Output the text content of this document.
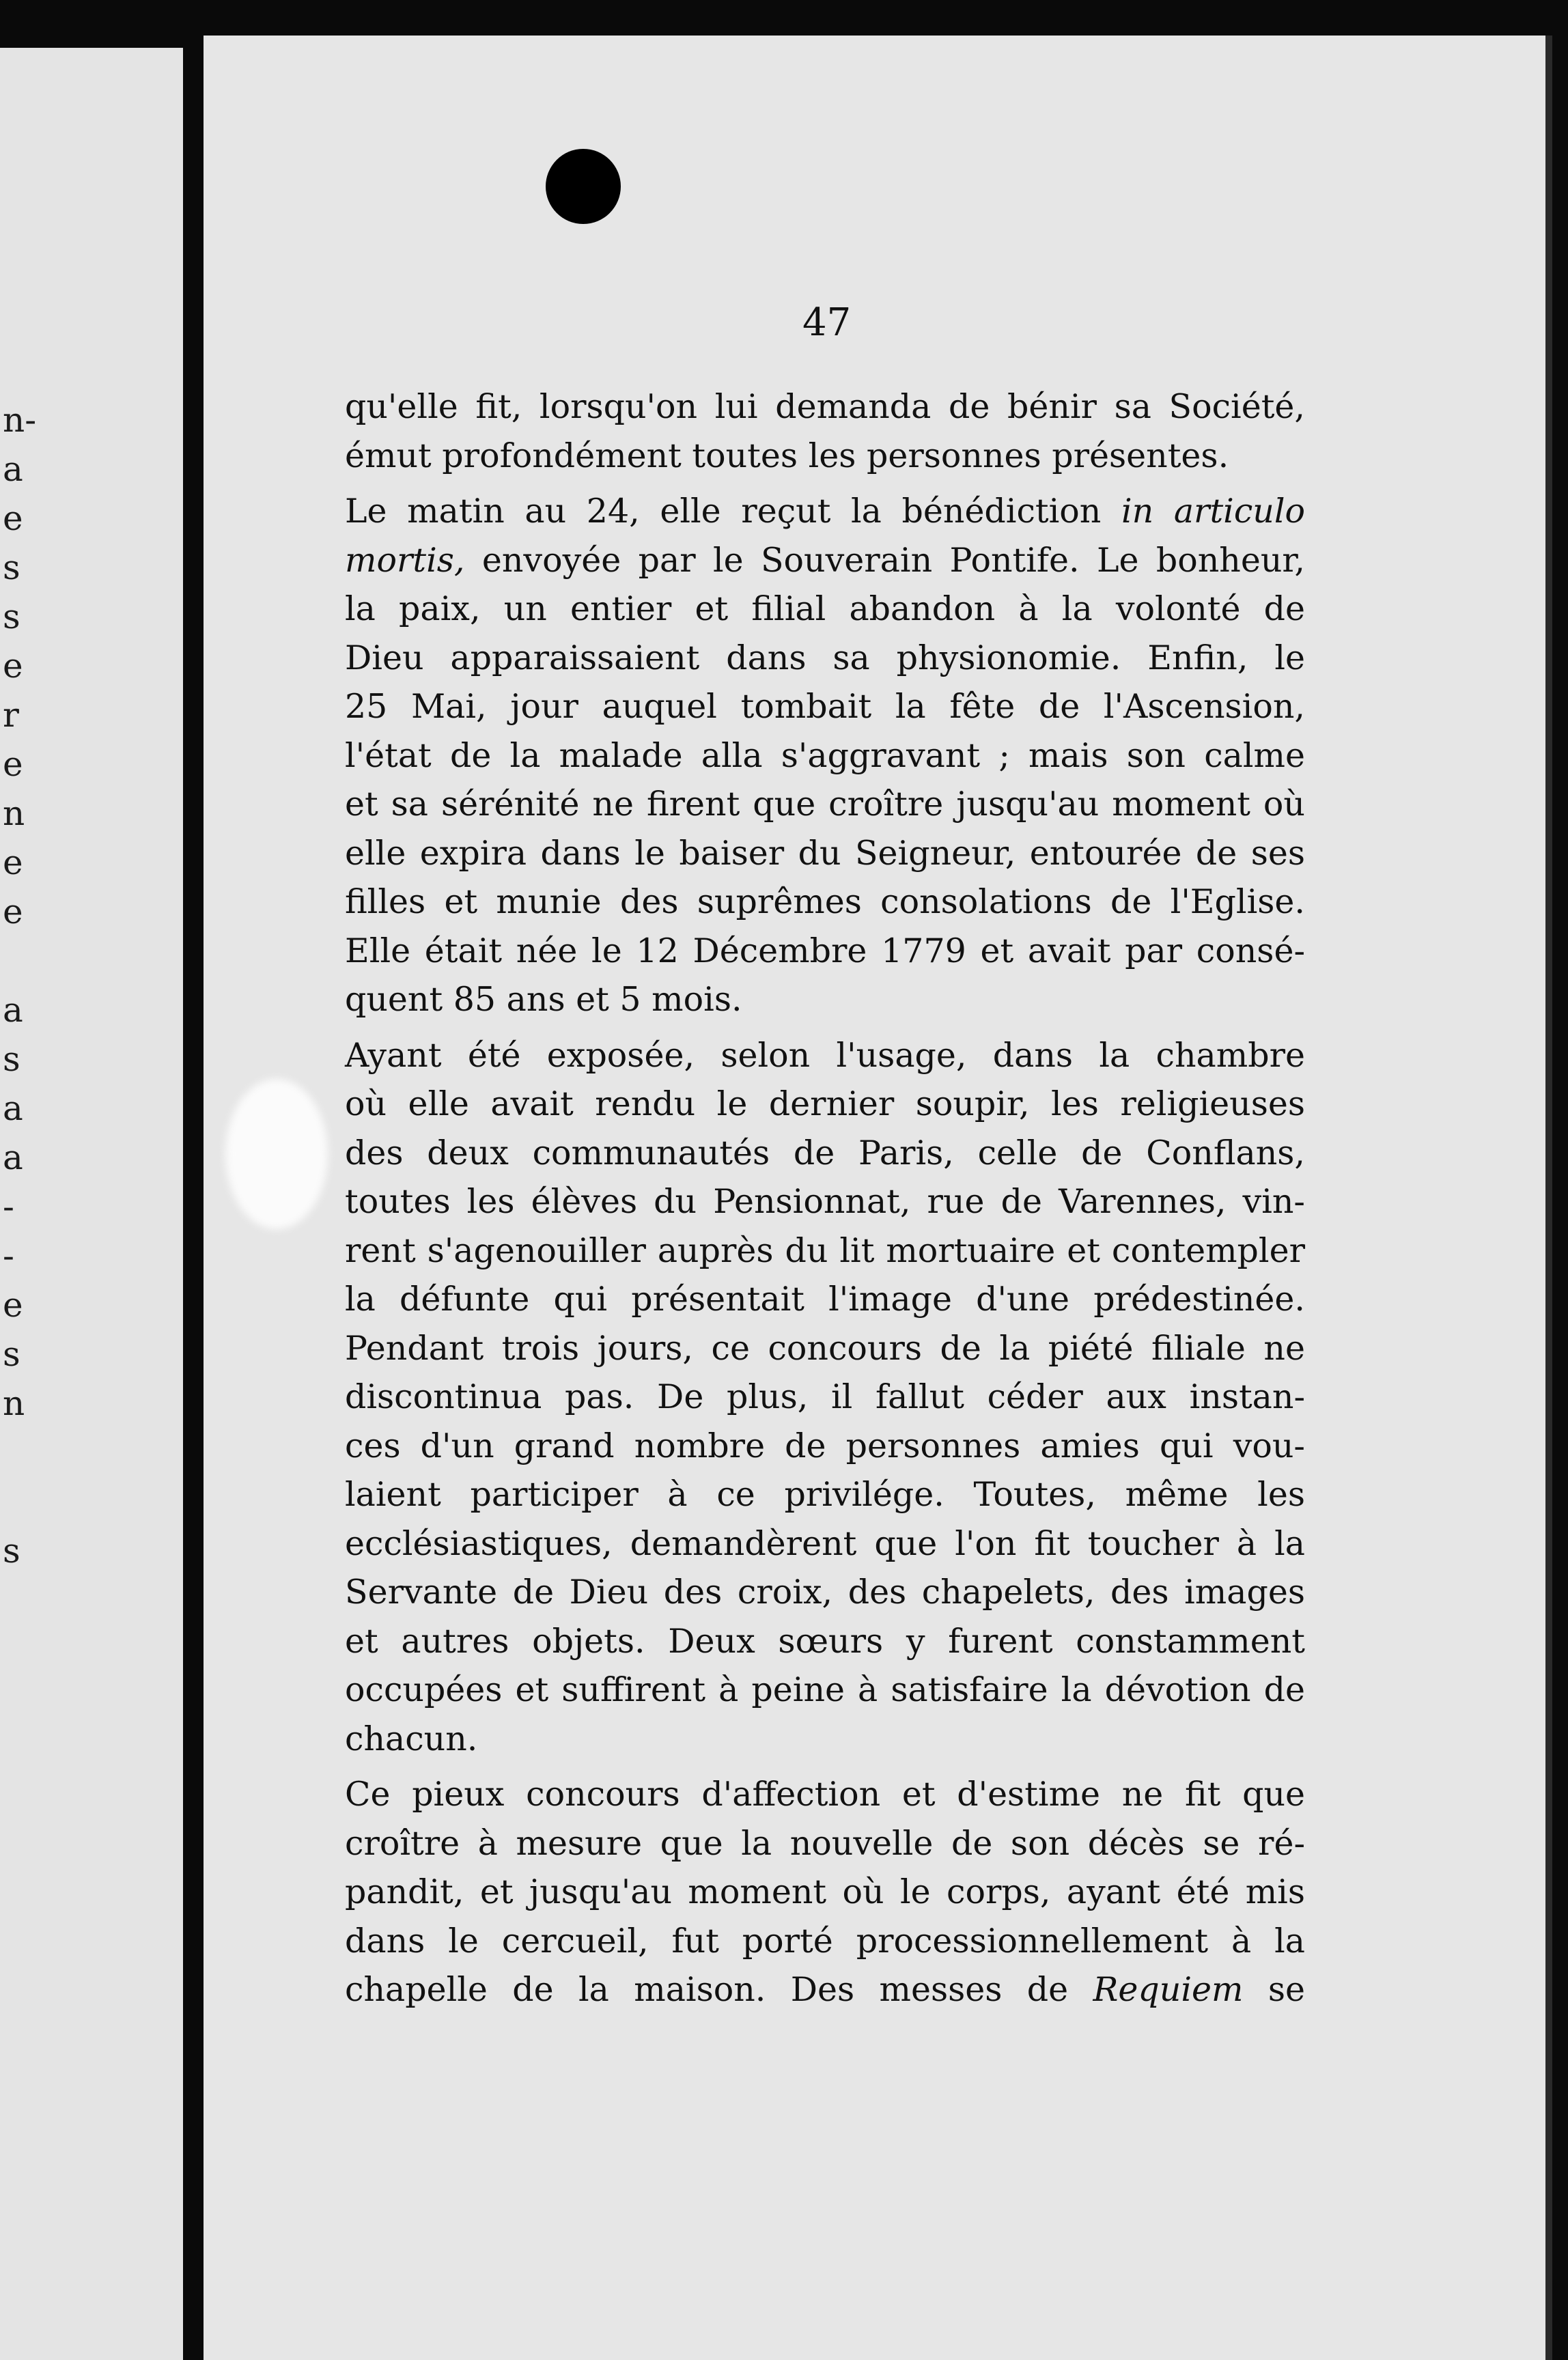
n-
a
e
s
s
e
r
e
n
e
e
a
s
a
a
-
-
e
s
n
s
47
qu'elle fit, lorsqu'on lui demanda de bénir sa Société,
émut profondément toutes les personnes présentes.
Le matin au 24, elle reçut la bénédiction in articulo
mortis, envoyée par le Souverain Pontife. Le bonheur,
la paix, un entier et filial abandon à la volonté de
Dieu apparaissaient dans sa physionomie. Enfin, le
25 Mai, jour auquel tombait la fête de l'Ascension,
l'état de la malade alla s'aggravant ; mais son calme
et sa sérénité ne firent que croître jusqu'au moment où
elle expira dans le baiser du Seigneur, entourée de ses
filles et munie des suprêmes consolations de l'Eglise.
Elle était née le 12 Décembre 1779 et avait par consé-
quent 85 ans et 5 mois.
Ayant été exposée, selon l'usage, dans la chambre
où elle avait rendu le dernier soupir, les religieuses
des deux communautés de Paris, celle de Conflans,
toutes les élèves du Pensionnat, rue de Varennes, vin-
rent s'agenouiller auprès du lit mortuaire et contempler
la défunte qui présentait l'image d'une prédestinée.
Pendant trois jours, ce concours de la piété filiale ne
discontinua pas. De plus, il fallut céder aux instan-
ces d'un grand nombre de personnes amies qui vou-
laient participer à ce privilége. Toutes, même les
ecclésiastiques, demandèrent que l'on fit toucher à la
Servante de Dieu des croix, des chapelets, des images
et autres objets. Deux sœurs y furent constamment
occupées et suffirent à peine à satisfaire la dévotion de
chacun.
Ce pieux concours d'affection et d'estime ne fit que
croître à mesure que la nouvelle de son décès se ré-
pandit, et jusqu'au moment où le corps, ayant été mis
dans le cercueil, fut porté processionnellement à la
chapelle de la maison. Des messes de Requiem se
